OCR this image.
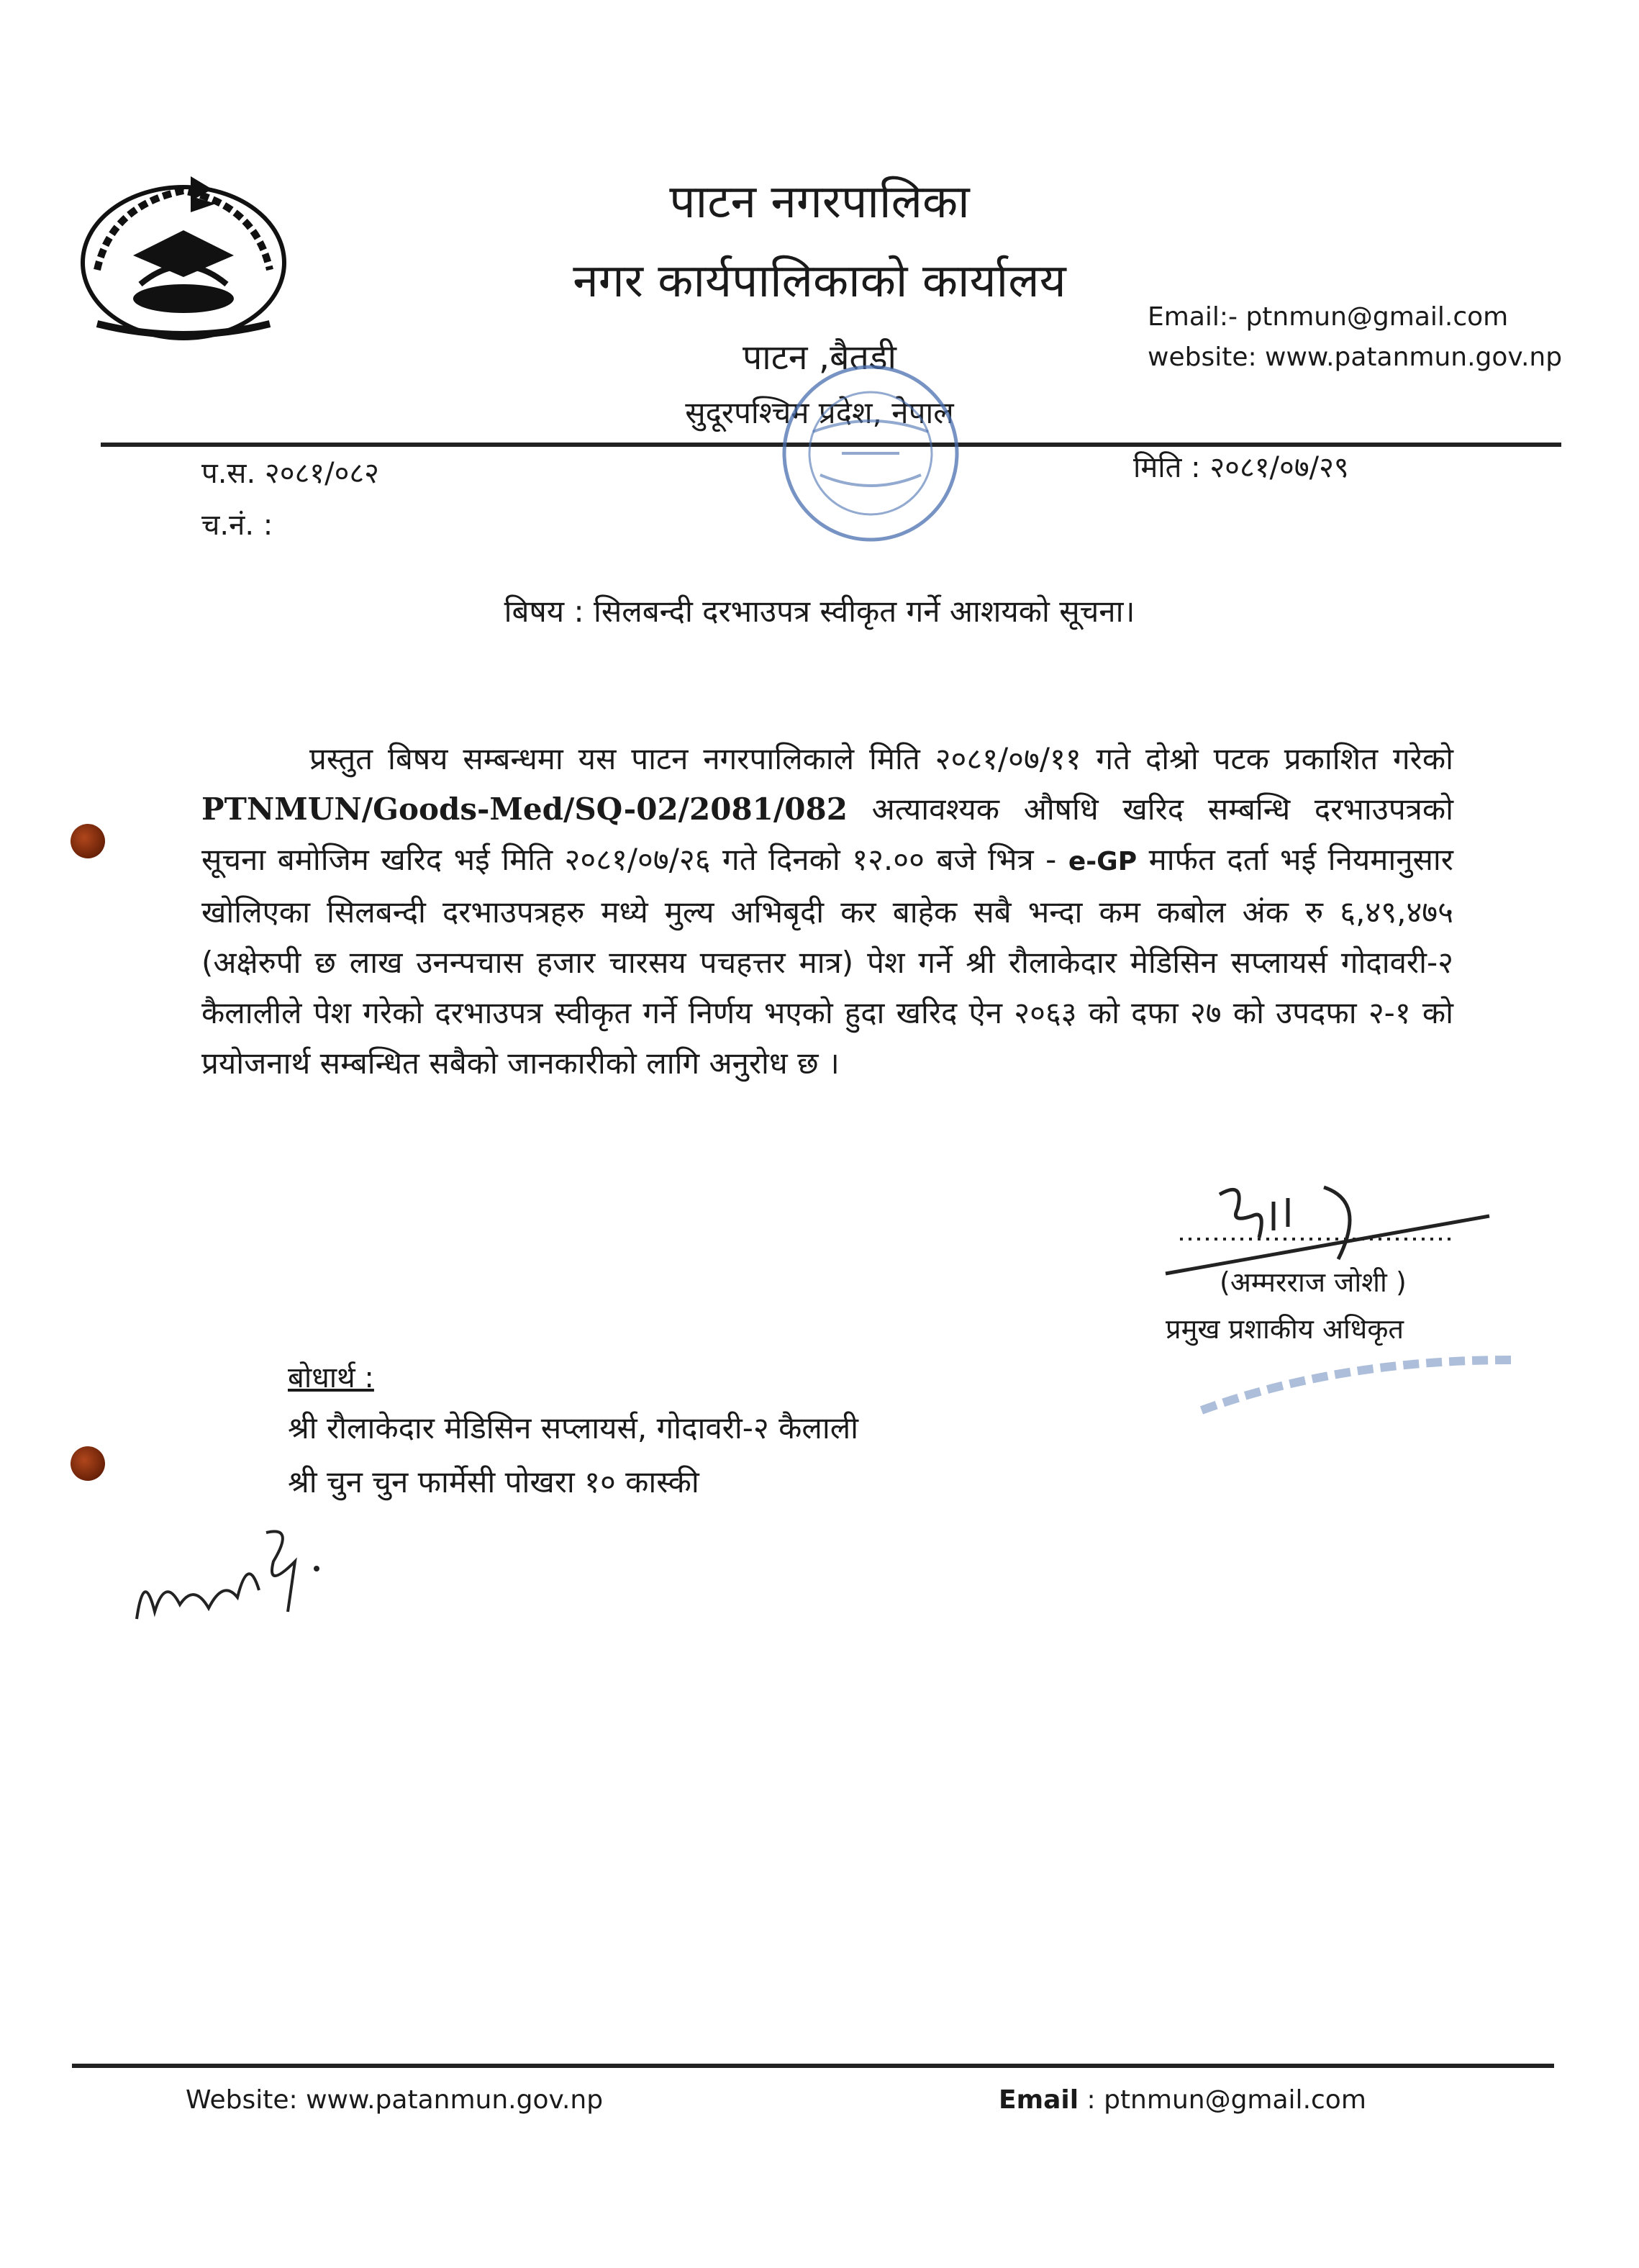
पाटन नगरपालिका
नगर कार्यपालिकाको कार्यालय
पाटन ,बैतडी
सुदूरपश्चिम प्रदेश, नेपाल
Email:- ptnmun@gmail.com
website: www.patanmun.gov.np
प.स. २०८१/०८२
च.नं. :
मिति : २०८१/०७/२९
बिषय : सिलबन्दी दरभाउपत्र स्वीकृत गर्ने आशयको सूचना।

प्रस्तुत बिषय सम्बन्धमा यस पाटन नगरपालिकाले मिति २०८१/०७/११ गते दोश्रो पटक प्रकाशित गरेको PTNMUN/Goods-Med/SQ-02/2081/082 अत्यावश्यक औषधि खरिद सम्बन्धि दरभाउपत्रको सूचना बमोजिम खरिद भई मिति २०८१/०७/२६ गते दिनको १२.०० बजे भित्र - e-GP मार्फत दर्ता भई नियमानुसार खोलिएका सिलबन्दी दरभाउपत्रहरु मध्ये मुल्य अभिबृदी कर बाहेक सबै भन्दा कम कबोल अंक रु ६,४९,४७५ (अक्षेरुपी छ लाख उनन्पचास हजार चारसय पचहत्तर मात्र) पेश गर्ने श्री रौलाकेदार मेडिसिन सप्लायर्स गोदावरी-२ कैलालीले पेश गरेको दरभाउपत्र स्वीकृत गर्ने निर्णय भएको हुदा खरिद ऐन २०६३ को दफा २७ को उपदफा २-१ को प्रयोजनार्थ सम्बन्धित सबैको जानकारीको लागि अनुरोध छ ।

(अम्मरराज जोशी )
प्रमुख प्रशाकीय अधिकृत
बोधार्थ :
श्री रौलाकेदार मेडिसिन सप्लायर्स, गोदावरी-२ कैलाली
श्री चुन चुन फार्मेसी पोखरा १० कास्की
Website: www.patanmun.gov.np	Email : ptnmun@gmail.com
